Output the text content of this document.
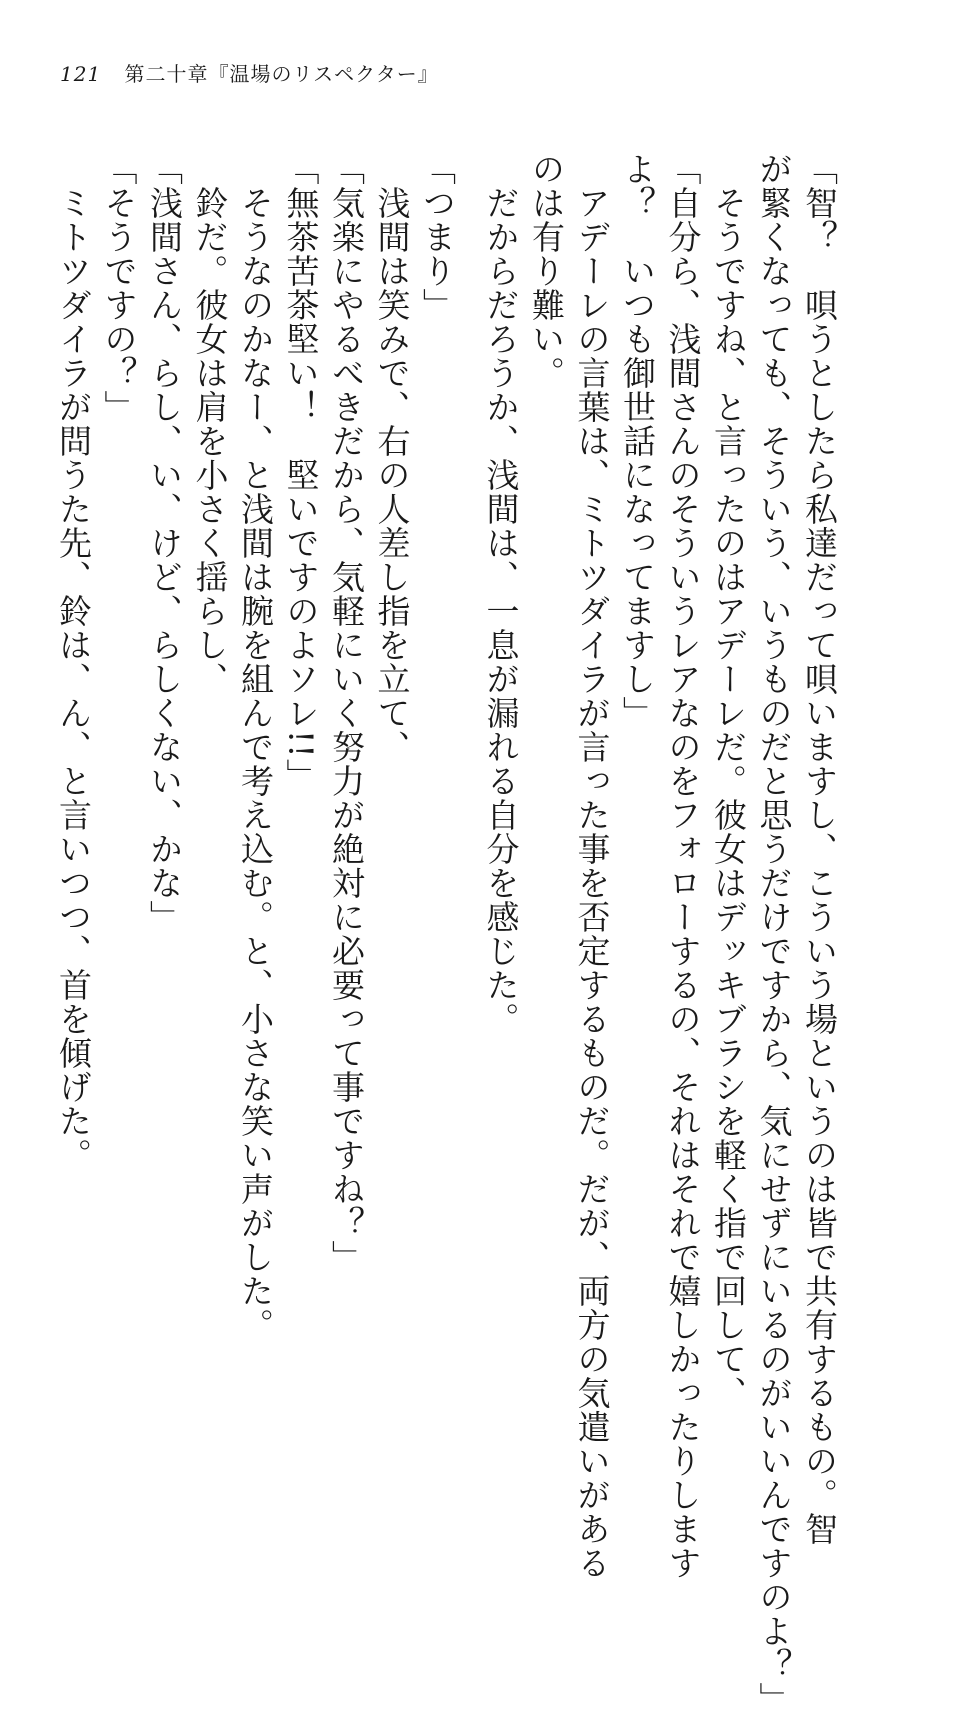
121 第二十章『温場のリスペクター』
「智？　唄うとしたら私達だって唄いますし、こういう場というのは皆で共有するもの。智
が緊くなっても、そういう、いうものだと思うだけですから、気にせずにいるのがいいんですのよ？」
　そうですね、と言ったのはアデーレだ。彼女はデッキブラシを軽く指で回して、
「自分ら、浅間さんのそういうレアなのをフォローするの、それはそれで嬉しかったりします
よ？　いつも御世話になってますし」
　アデーレの言葉は、ミトツダイラが言った事を否定するものだ。だが、両方の気遣いがある
のは有り難い。
　だからだろうか、浅間は、一息が漏れる自分を感じた。
「つまり」
　浅間は笑みで、右の人差し指を立て、
「気楽にやるべきだから、気軽にいく努力が絶対に必要って事ですね？」
「無茶苦茶堅い！　堅いですのよソレ!!」
　そうなのかなー、と浅間は腕を組んで考え込む。と、小さな笑い声がした。
　鈴だ。彼女は肩を小さく揺らし、
「浅間さん、らし、い、けど、らしくない、かな」
「そうですの？」
　ミトツダイラが問うた先、鈴は、ん、と言いつつ、首を傾げた。
